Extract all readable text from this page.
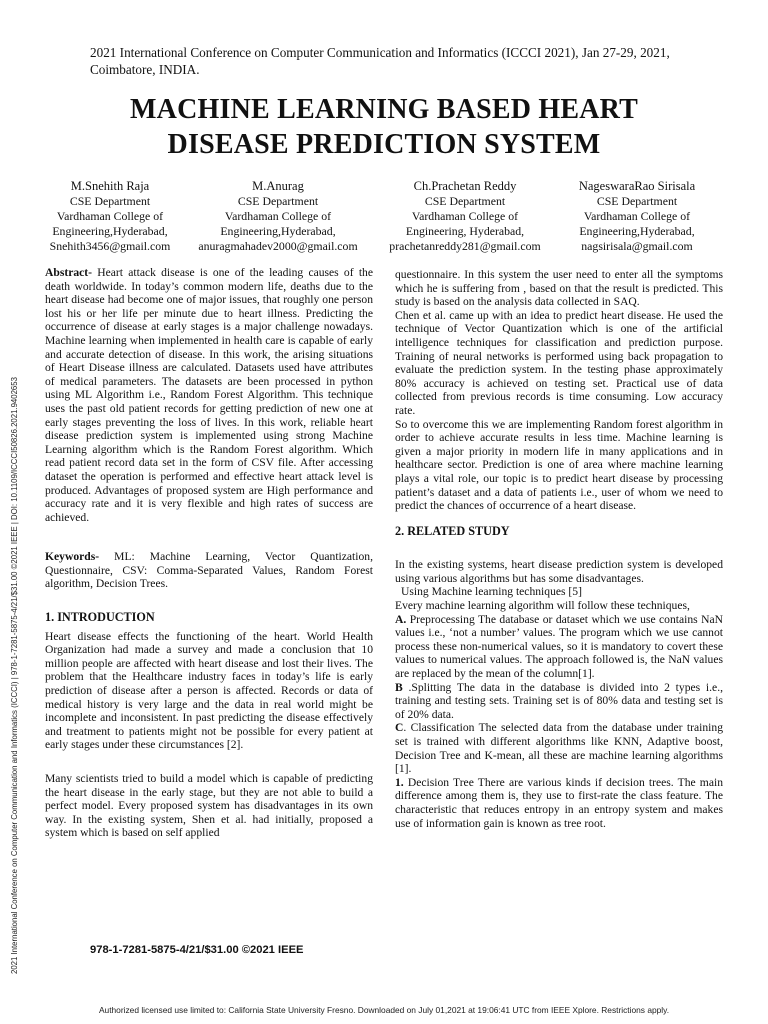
2021 International Conference on Computer Communication and Informatics (ICCCI 2021), Jan 27-29, 2021, Coimbatore, INDIA.
MACHINE LEARNING BASED HEART
DISEASE PREDICTION SYSTEM
M.Snehith Raja
CSE Department
Vardhaman College of
Engineering,Hyderabad,
Snehith3456@gmail.com
M.Anurag
CSE Department
Vardhaman College of
Engineering,Hyderabad,
anuragmahadev2000@gmail.com
Ch.Prachetan Reddy
CSE Department
Vardhaman College of
Engineering, Hyderabad,
prachetanreddy281@gmail.com
NageswaraRao Sirisala
CSE Department
Vardhaman College of
Engineering,Hyderabad,
nagsirisala@gmail.com
2021 International Conference on Computer Communication and Informatics (ICCCI) | 978-1-7281-5875-4/21/$31.00 ©2021 IEEE | DOI: 10.1109/ICCCI50826.2021.9402653

Abstract- Heart attack disease is one of the leading causes of the death worldwide. In today’s common modern life, deaths due to the heart disease had become one of major issues, that roughly one person lost his or her life per minute due to heart illness. Predicting the occurrence of disease at early stages is a major challenge nowadays. Machine learning when implemented in health care is capable of early and accurate detection of disease. In this work, the arising situations of Heart Disease illness are calculated. Datasets used have attributes of medical parameters. The datasets are been processed in python using ML Algorithm i.e., Random Forest Algorithm. This technique uses the past old patient records for getting prediction of new one at early stages preventing the loss of lives. In this work, reliable heart disease prediction system is implemented using strong Machine Learning algorithm which is the Random Forest algorithm. Which read patient record data set in the form of CSV file. After accessing dataset the operation is performed and effective heart attack level is produced. Advantages of proposed system are High performance and accuracy rate and it is very flexible and high rates of success are achieved.

Keywords- ML: Machine Learning, Vector Quantization, Questionnaire, CSV: Comma-Separated Values, Random Forest algorithm, Decision Trees.

1. INTRODUCTION

Heart disease effects the functioning of the heart. World Health Organization had made a survey and made a conclusion that 10 million people are affected with heart disease and lost their lives. The problem that the Healthcare industry faces in today’s life is early prediction of disease after a person is affected. Records or data of medical history is very large and the data in real world might be incomplete and inconsistent. In past predicting the disease effectively and treatment to patients might not be possible for every patient at early stages under these circumstances [2].

Many scientists tried to build a model which is capable of predicting the heart disease in the early stage, but they are not able to build a perfect model. Every proposed system has disadvantages in its own way. In the existing system, Shen et al. had initially, proposed a system which is based on self applied

questionnaire. In this system the user need to enter all the symptoms which he is suffering from , based on that the result is predicted. This study is based on the analysis data collected in SAQ.

Chen et al. came up with an idea to predict heart disease. He used the technique of Vector Quantization which is one of the artificial intelligence techniques for classification and prediction purpose. Training of neural networks is performed using back propagation to evaluate the prediction system. In the testing phase approximately 80% accuracy is achieved on testing set. Practical use of data collected from previous records is time consuming. Low accuracy rate.

So to overcome this we are implementing Random forest algorithm in order to achieve accurate results in less time. Machine learning is given a major priority in modern life in many applications and in healthcare sector. Prediction is one of area where machine learning plays a vital role, our topic is to predict heart disease by processing patient’s dataset and a data of patients i.e., user of whom we need to predict the chances of occurrence of a heart disease.

2. RELATED STUDY

In the existing systems, heart disease prediction system is developed using various algorithms but has some disadvantages.

Using Machine learning techniques [5]

Every machine learning algorithm will follow these techniques,

A. Preprocessing The database or dataset which we use contains NaN values i.e., ‘not a number’ values. The program which we use cannot process these non-numerical values, so it is mandatory to covert these values to numerical values. The approach followed is, the NaN values are replaced by the mean of the column[1].

B .Splitting The data in the database is divided into 2 types i.e., training and testing sets. Training set is of 80% data and testing set is of 20% data.

C. Classification The selected data from the database under training set is trained with different algorithms like KNN, Adaptive boost, Decision Tree and K-mean, all these are machine learning algorithms [1].

1. Decision Tree There are various kinds if decision trees. The main difference among them is, they use to first-rate the class feature. The characteristic that reduces entropy in an entropy system and makes use of information gain is known as tree root.

978-1-7281-5875-4/21/$31.00 ©2021 IEEE
Authorized licensed use limited to: California State University Fresno. Downloaded on July 01,2021 at 19:06:41 UTC from IEEE Xplore. Restrictions apply.
